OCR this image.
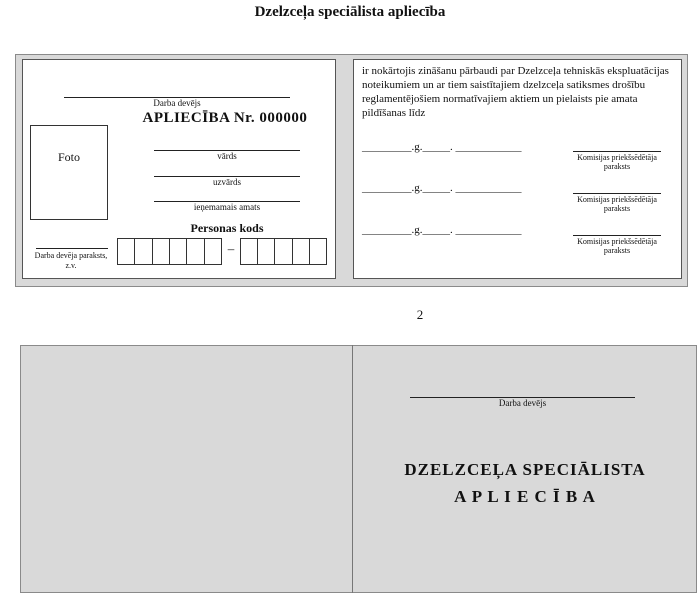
Dzelzceļa speciālista apliecība
Darba devējs
APLIECĪBA Nr. 000000
Foto	vārds
uzvārds
ieņemamais amats
Personas kods
–
Darba devēja paraksts,
z.v.
ir nokārtojis zināšanu pārbaudi par Dzelzceļa tehniskās ekspluatācijas noteikumiem un ar tiem saistītajiem dzelzceļa satiksmes drošību reglamentējošiem normatīvajiem aktiem un pielaists pie amata pildīšanas līdz
_________.g._____. ____________
Komisijas priekšsēdētāja
paraksts
_________.g._____. ____________
Komisijas priekšsēdētāja
paraksts
_________.g._____. ____________
Komisijas priekšsēdētāja
paraksts
2
Darba devējs
DZELZCEĻA SPECIĀLISTA
A P L I E C Ī B A
